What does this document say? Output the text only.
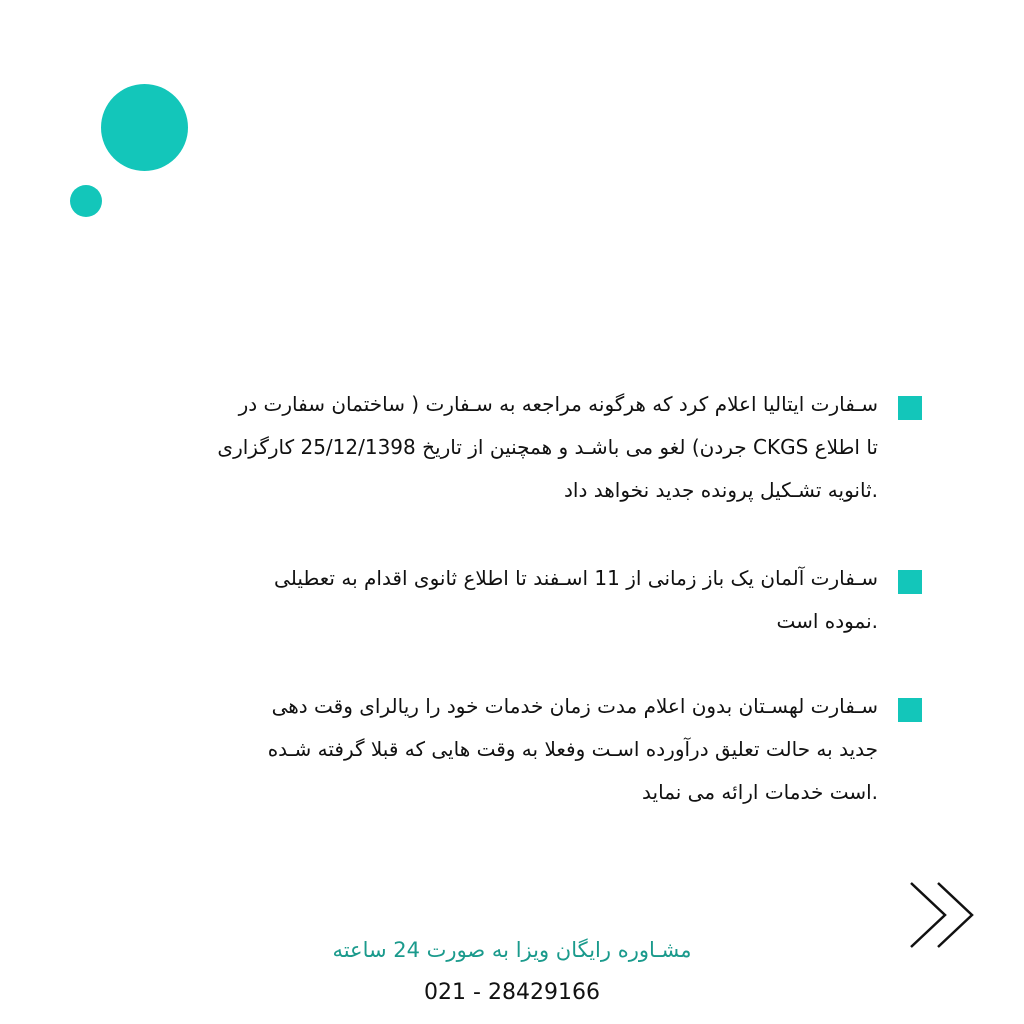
سـفارت ایتالیا اعلام کرد که هرگونه مراجعه به سـفارت ( ساختمان سفارت در
تا اطلاع CKGS جردن) لغو می باشـد و همچنین از تاریخ 25/12/1398 کارگزاری
.ثانویه تشـکیل پرونده جدید نخواهد داد
سـفارت آلمان یک باز زمانی از 11 اسـفند تا اطلاع ثانوی اقدام به تعطیلی
.نموده است
سـفارت لهسـتان بدون اعلام مدت زمان خدمات خود را ریالرای وقت دهی
جدید به حالت تعلیق درآورده اسـت وفعلا به وقت هایی که قبلا گرفته شـده
.است خدمات ارائه می نماید
مشـاوره رایگان ویزا به صورت 24 ساعته
021 - 28429166
